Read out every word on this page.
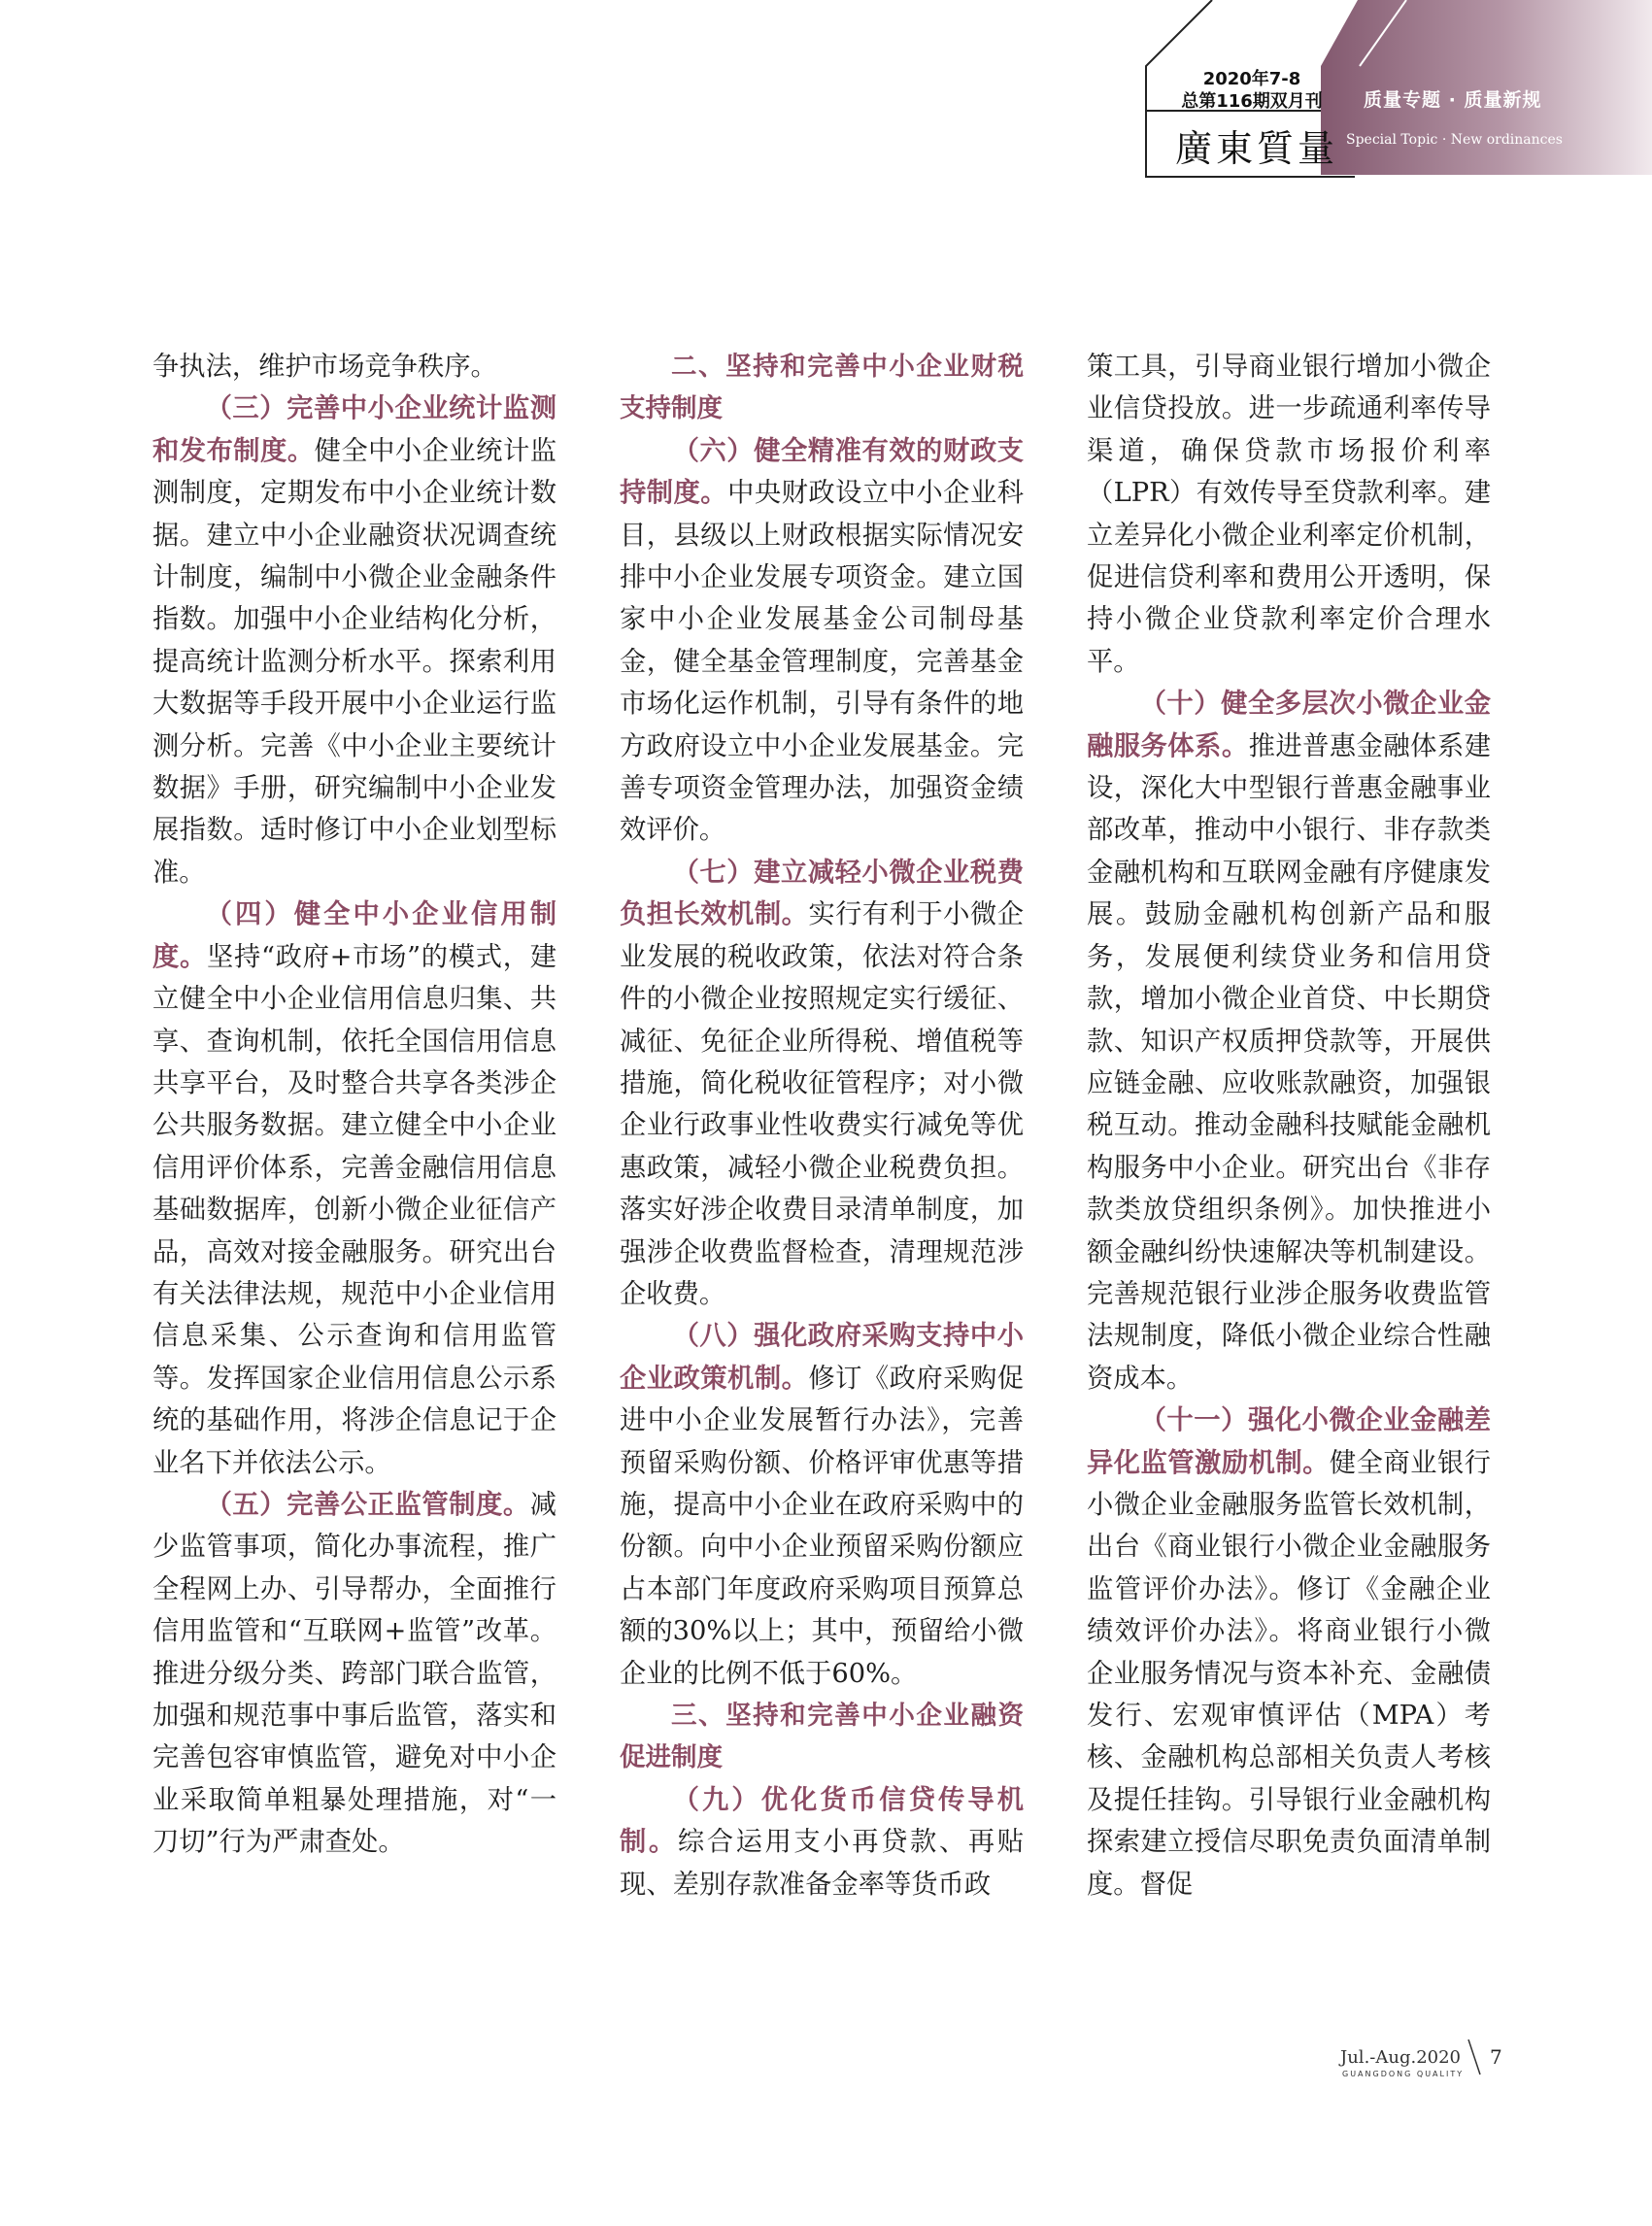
2020年7-8
总第116期双月刊
廣東質量
质量专题 · 质量新规
Special Topic · New ordinances

争执法，维护市场竞争秩序。

（三）完善中小企业统计监测和发布制度。健全中小企业统计监测制度，定期发布中小企业统计数据。建立中小企业融资状况调查统计制度，编制中小微企业金融条件指数。加强中小企业结构化分析，提高统计监测分析水平。探索利用大数据等手段开展中小企业运行监测分析。完善《中小企业主要统计数据》手册，研究编制中小企业发展指数。适时修订中小企业划型标准。

（四）健全中小企业信用制度。坚持“政府+市场”的模式，建立健全中小企业信用信息归集、共享、查询机制，依托全国信用信息共享平台，及时整合共享各类涉企公共服务数据。建立健全中小企业信用评价体系，完善金融信用信息基础数据库，创新小微企业征信产品，高效对接金融服务。研究出台有关法律法规，规范中小企业信用信息采集、公示查询和信用监管等。发挥国家企业信用信息公示系统的基础作用，将涉企信息记于企业名下并依法公示。

（五）完善公正监管制度。减少监管事项，简化办事流程，推广全程网上办、引导帮办，全面推行信用监管和“互联网+监管”改革。推进分级分类、跨部门联合监管，加强和规范事中事后监管，落实和完善包容审慎监管，避免对中小企业采取简单粗暴处理措施，对“一刀切”行为严肃查处。

二、坚持和完善中小企业财税支持制度

（六）健全精准有效的财政支持制度。中央财政设立中小企业科目，县级以上财政根据实际情况安排中小企业发展专项资金。建立国家中小企业发展基金公司制母基金，健全基金管理制度，完善基金市场化运作机制，引导有条件的地方政府设立中小企业发展基金。完善专项资金管理办法，加强资金绩效评价。

（七）建立减轻小微企业税费负担长效机制。实行有利于小微企业发展的税收政策，依法对符合条件的小微企业按照规定实行缓征、减征、免征企业所得税、增值税等措施，简化税收征管程序；对小微企业行政事业性收费实行减免等优惠政策，减轻小微企业税费负担。落实好涉企收费目录清单制度，加强涉企收费监督检查，清理规范涉企收费。

（八）强化政府采购支持中小企业政策机制。修订《政府采购促进中小企业发展暂行办法》，完善预留采购份额、价格评审优惠等措施，提高中小企业在政府采购中的份额。向中小企业预留采购份额应占本部门年度政府采购项目预算总额的30%以上；其中，预留给小微企业的比例不低于60%。

三、坚持和完善中小企业融资促进制度

（九）优化货币信贷传导机制。综合运用支小再贷款、再贴现、差别存款准备金率等货币政

策工具，引导商业银行增加小微企业信贷投放。进一步疏通利率传导渠道，确保贷款市场报价利率（LPR）有效传导至贷款利率。建立差异化小微企业利率定价机制，促进信贷利率和费用公开透明，保持小微企业贷款利率定价合理水平。

（十）健全多层次小微企业金融服务体系。推进普惠金融体系建设，深化大中型银行普惠金融事业部改革，推动中小银行、非存款类金融机构和互联网金融有序健康发展。鼓励金融机构创新产品和服务，发展便利续贷业务和信用贷款，增加小微企业首贷、中长期贷款、知识产权质押贷款等，开展供应链金融、应收账款融资，加强银税互动。推动金融科技赋能金融机构服务中小企业。研究出台《非存款类放贷组织条例》。加快推进小额金融纠纷快速解决等机制建设。完善规范银行业涉企服务收费监管法规制度，降低小微企业综合性融资成本。

（十一）强化小微企业金融差异化监管激励机制。健全商业银行小微企业金融服务监管长效机制，出台《商业银行小微企业金融服务监管评价办法》。修订《金融企业绩效评价办法》。将商业银行小微企业服务情况与资本补充、金融债发行、宏观审慎评估（MPA）考核、金融机构总部相关负责人考核及提任挂钩。引导银行业金融机构探索建立授信尽职免责负面清单制度。督促

Jul.-Aug.2020
GUANGDONG QUALITY
7
